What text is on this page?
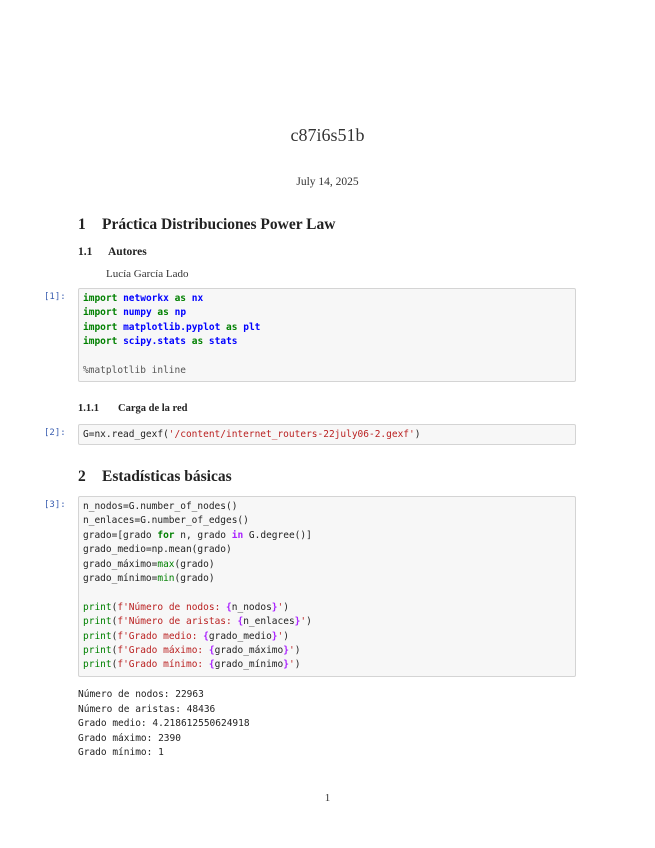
c87i6s51b
July 14, 2025
1 Práctica Distribuciones Power Law
1.1 Autores
Lucía García Lado
[1]:	import networkx as nx
import numpy as np
import matplotlib.pyplot as plt
import scipy.stats as stats
%matplotlib inline
1.1.1 Carga de la red
[2]:	G=nx.read_gexf('/content/internet_routers-22july06-2.gexf')
2 Estadísticas básicas
[3]:	n_nodos=G.number_of_nodes()
n_enlaces=G.number_of_edges()
grado=[grado for n, grado in G.degree()]
grado_medio=np.mean(grado)
grado_máximo=max(grado)
grado_mínimo=min(grado)
print(f'Número de nodos: {n_nodos}')
print(f'Número de aristas: {n_enlaces}')
print(f'Grado medio: {grado_medio}')
print(f'Grado máximo: {grado_máximo}')
print(f'Grado mínimo: {grado_mínimo}')
Número de nodos: 22963
Número de aristas: 48436
Grado medio: 4.218612550624918
Grado máximo: 2390
Grado mínimo: 1
1
